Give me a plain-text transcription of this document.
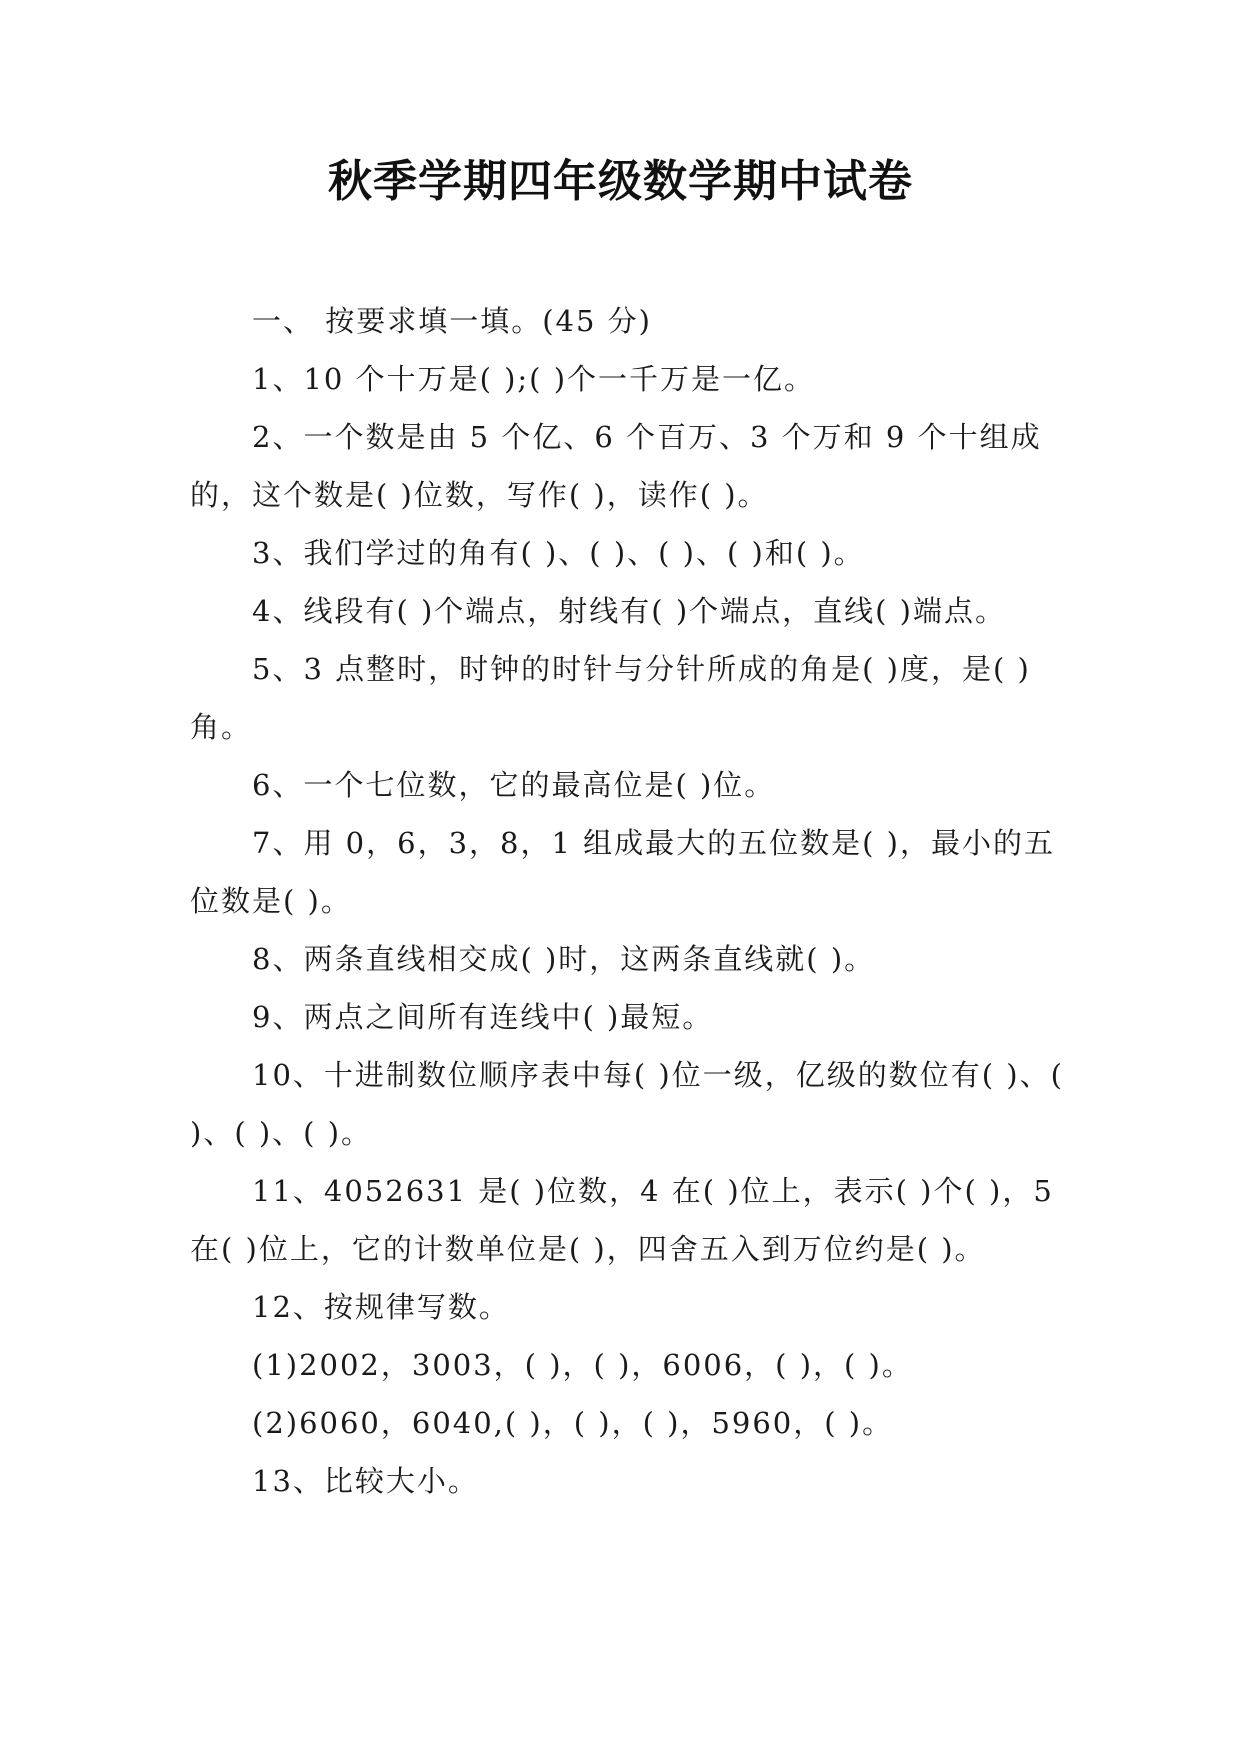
秋季学期四年级数学期中试卷

一、 按要求填一填。(45 分)

1、10 个十万是( );( )个一千万是一亿。

2、一个数是由 5 个亿、6 个百万、3 个万和 9 个十组成的，这个数是( )位数，写作( )，读作( )。

3、我们学过的角有( )、( )、( )、( )和( )。

4、线段有( )个端点，射线有( )个端点，直线( )端点。

5、3 点整时，时钟的时针与分针所成的角是( )度，是( )角。

6、一个七位数，它的最高位是( )位。

7、用 0，6，3，8，1 组成最大的五位数是( )，最小的五位数是( )。

8、两条直线相交成( )时，这两条直线就( )。

9、两点之间所有连线中( )最短。

10、十进制数位顺序表中每( )位一级，亿级的数位有( )、( )、( )、( )。

11、4052631 是( )位数，4 在( )位上，表示( )个( )，5 在( )位上，它的计数单位是( )，四舍五入到万位约是( )。

12、按规律写数。

(1)2002，3003，( )，( )，6006，( )，( )。

(2)6060，6040,( )，( )，( )，5960，( )。

13、比较大小。
